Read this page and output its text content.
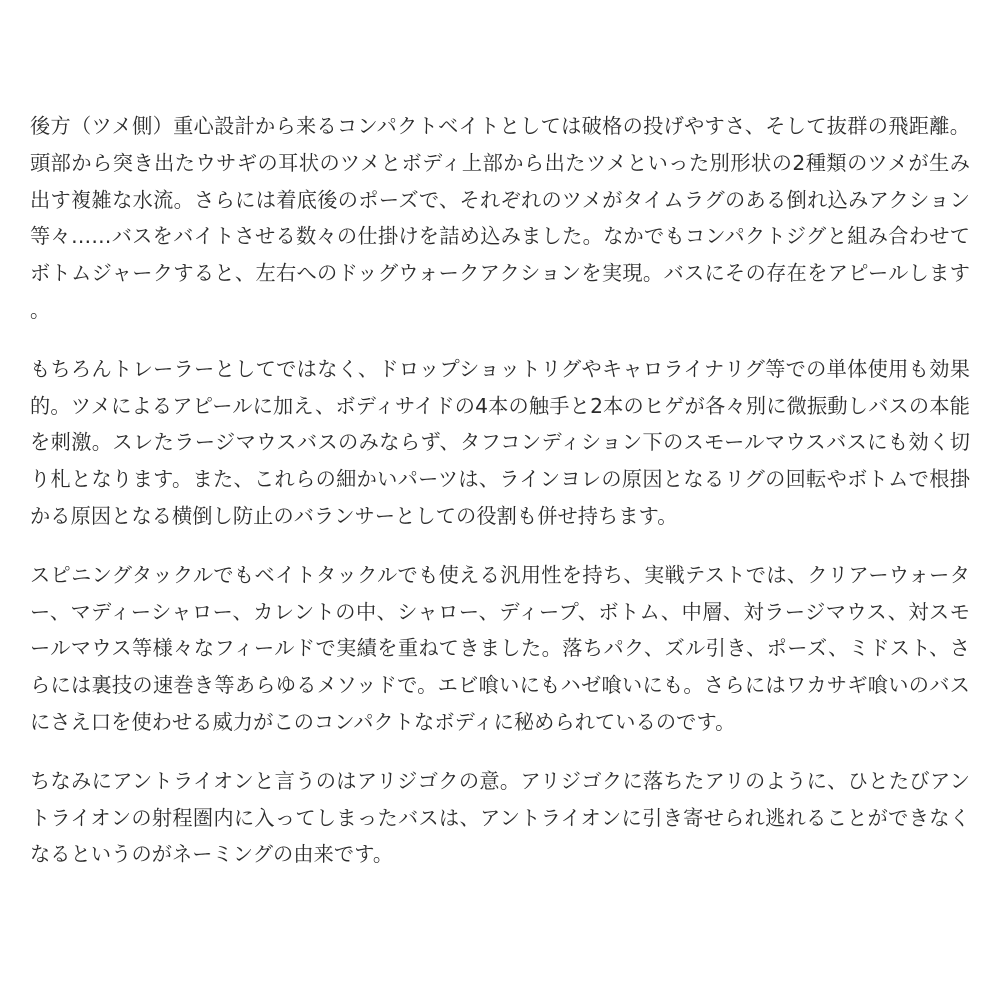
後方（ツメ側）重心設計から来るコンパクトベイトとしては破格の投げやすさ、そして抜群の飛距離。頭部から突き出たウサギの耳状のツメとボディ上部から出たツメといった別形状の2種類のツメが生み出す複雑な水流。さらには着底後のポーズで、それぞれのツメがタイムラグのある倒れ込みアクション等々……バスをバイトさせる数々の仕掛けを詰め込みました。なかでもコンパクトジグと組み合わせてボトムジャークすると、左右へのドッグウォークアクションを実現。バスにその存在をアピールします。

もちろんトレーラーとしてではなく、ドロップショットリグやキャロライナリグ等での単体使用も効果的。ツメによるアピールに加え、ボディサイドの4本の触手と2本のヒゲが各々別に微振動しバスの本能を刺激。スレたラージマウスバスのみならず、タフコンディション下のスモールマウスバスにも効く切り札となります。また、これらの細かいパーツは、ラインヨレの原因となるリグの回転やボトムで根掛かる原因となる横倒し防止のバランサーとしての役割も併せ持ちます。

スピニングタックルでもベイトタックルでも使える汎用性を持ち、実戦テストでは、クリアーウォーター、マディーシャロー、カレントの中、シャロー、ディープ、ボトム、中層、対ラージマウス、対スモールマウス等様々なフィールドで実績を重ねてきました。落ちパク、ズル引き、ポーズ、ミドスト、さらには裏技の速巻き等あらゆるメソッドで。エビ喰いにもハゼ喰いにも。さらにはワカサギ喰いのバスにさえ口を使わせる威力がこのコンパクトなボディに秘められているのです。

ちなみにアントライオンと言うのはアリジゴクの意。アリジゴクに落ちたアリのように、ひとたびアントライオンの射程圏内に入ってしまったバスは、アントライオンに引き寄せられ逃れることができなくなるというのがネーミングの由来です。
